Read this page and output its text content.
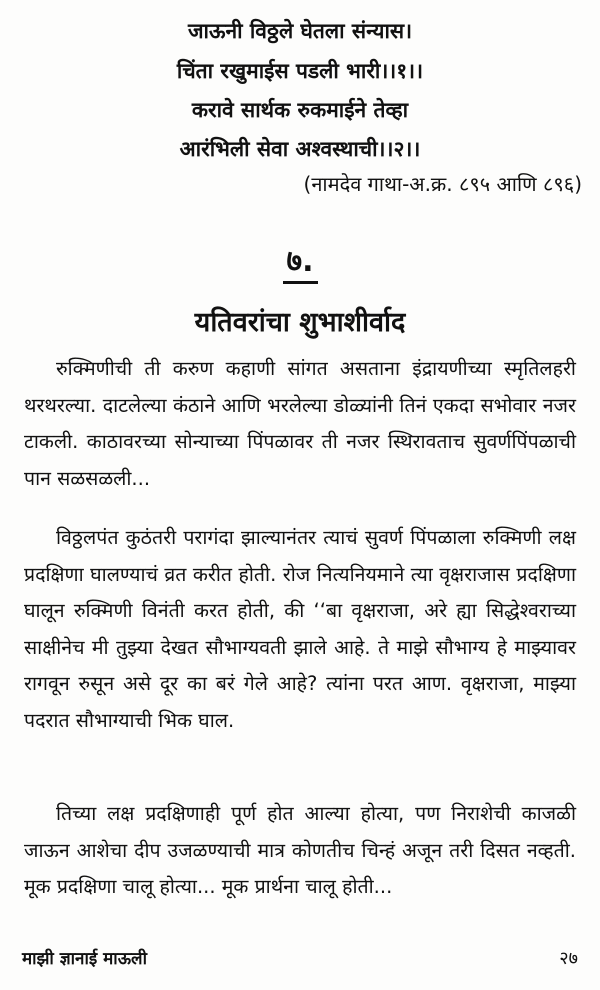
जाऊनी विठ्ठले घेतला संन्यास।
चिंता रखुमाईस पडली भारी।।१।।
करावे सार्थक रुकमाईने तेव्हा
आरंभिली सेवा अश्वस्थाची।।२।।
(नामदेव गाथा-अ.क्र. ८९५ आणि ८९६)
७.
यतिवरांचा शुभाशीर्वाद

रुक्मिणीची ती करुण कहाणी सांगत असताना इंद्रायणीच्या स्मृतिलहरी थरथरल्या. दाटलेल्या कंठाने आणि भरलेल्या डोळ्यांनी तिनं एकदा सभोवार नजर टाकली. काठावरच्या सोन्याच्या पिंपळावर ती नजर स्थिरावताच सुवर्णपिंपळाची पान सळसळली...

विठ्ठलपंत कुठंतरी परागंदा झाल्यानंतर त्याचं सुवर्ण पिंपळाला रुक्मिणी लक्ष प्रदक्षिणा घालण्याचं व्रत करीत होती. रोज नित्यनियमाने त्या वृक्षराजास प्रदक्षिणा घालून रुक्मिणी विनंती करत होती, की ‘‘बा वृक्षराजा, अरे ह्या सिद्धेश्वराच्या साक्षीनेच मी तुझ्या देखत सौभाग्यवती झाले आहे. ते माझे सौभाग्य हे माझ्यावर रागवून रुसून असे दूर का बरं गेले आहे? त्यांना परत आण. वृक्षराजा, माझ्या पदरात सौभाग्याची भिक घाल.

तिच्या लक्ष प्रदक्षिणाही पूर्ण होत आल्या होत्या, पण निराशेची काजळी जाऊन आशेचा दीप उजळण्याची मात्र कोणतीच चिन्हं अजून तरी दिसत नव्हती. मूक प्रदक्षिणा चालू होत्या... मूक प्रार्थना चालू होती...

माझी ज्ञानाई माऊली	२७
